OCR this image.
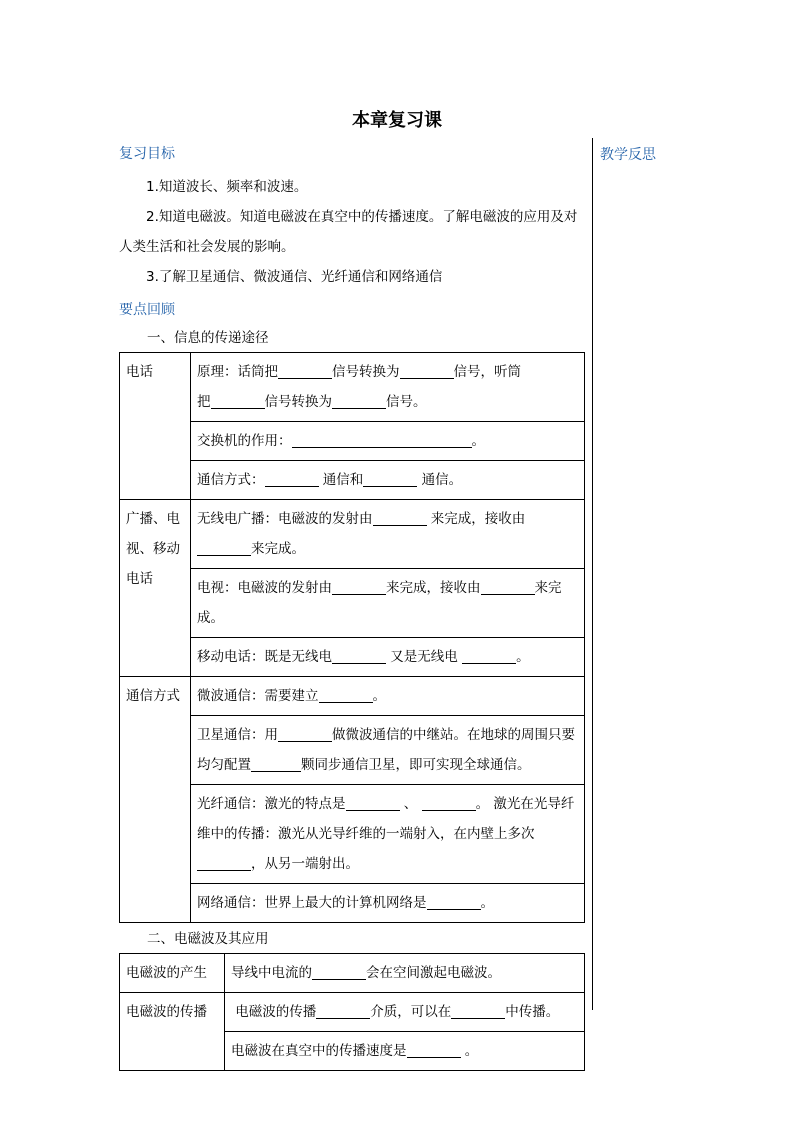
本章复习课
教学反思
复习目标
1.知道波长、频率和波速。
2.知道电磁波。知道电磁波在真空中的传播速度。了解电磁波的应用及对人类生活和社会发展的影响。
3.了解卫星通信、微波通信、光纤通信和网络通信
要点回顾
一、信息的传递途径
电话	原理：话筒把 信号转换为 信号，听筒
把 信号转换为 信号。
	交换机的作用： 。
	通信方式： 通信和 通信。
广播、电视、移动电话	无线电广播：电磁波的发射由 来完成，接收由来完成。
	电视：电磁波的发射由 来完成，接收由 来完成。
	移动电话：既是无线电 又是无线电 。
通信方式	微波通信：需要建立 。
	卫星通信：用 做微波通信的中继站。在地球的周围只要均匀配置 颗同步通信卫星，即可实现全球通信。
	光纤通信：激光的特点是 、 。 激光在光导纤维中的传播：激光从光导纤维的一端射入，在内壁上多次，从另一端射出。
	网络通信：世界上最大的计算机网络是 。
二、电磁波及其应用
电磁波的产生	导线中电流的 会在空间激起电磁波。
电磁波的传播	电磁波的传播 介质，可以在 中传播。
	电磁波在真空中的传播速度是 。
